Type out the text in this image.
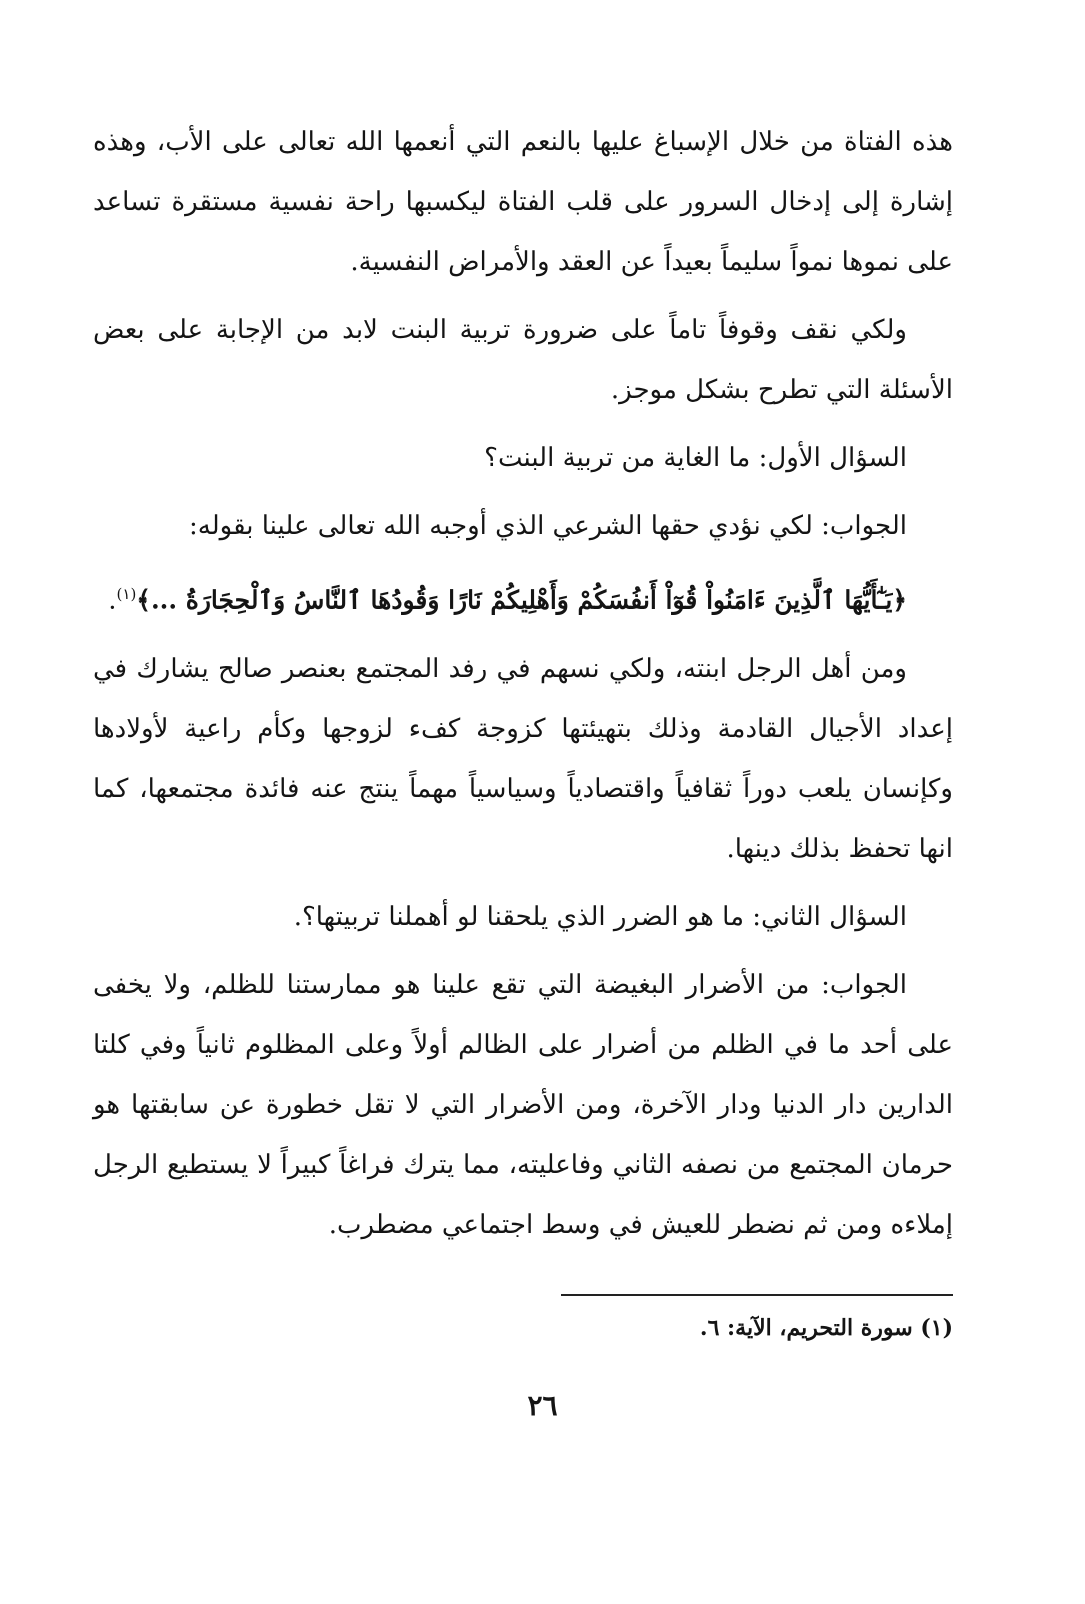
هذه الفتاة من خلال الإسباغ عليها بالنعم التي أنعمها الله تعالى على الأب، وهذه إشارة إلى إدخال السرور على قلب الفتاة ليكسبها راحة نفسية مستقرة تساعد على نموها نمواً سليماً بعيداً عن العقد والأمراض النفسية.

ولكي نقف وقوفاً تاماً على ضرورة تربية البنت لابد من الإجابة على بعض الأسئلة التي تطرح بشكل موجز.

السؤال الأول: ما الغاية من تربية البنت؟

الجواب: لكي نؤدي حقها الشرعي الذي أوجبه الله تعالى علينا بقوله:

﴿يَـٰٓأَيُّهَا ٱلَّذِينَ ءَامَنُواْ قُوٓاْ أَنفُسَكُمْ وَأَهْلِيكُمْ نَارًا وَقُودُهَا ٱلنَّاسُ وَٱلْحِجَارَةُ ...﴾$^{(١)}$.

ومن أهل الرجل ابنته، ولكي نسهم في رفد المجتمع بعنصر صالح يشارك في إعداد الأجيال القادمة وذلك بتهيئتها كزوجة كفء لزوجها وكأم راعية لأولادها وكإنسان يلعب دوراً ثقافياً واقتصادياً وسياسياً مهماً ينتج عنه فائدة مجتمعها، كما انها تحفظ بذلك دينها.

السؤال الثاني: ما هو الضرر الذي يلحقنا لو أهملنا تربيتها؟.

الجواب: من الأضرار البغيضة التي تقع علينا هو ممارستنا للظلم، ولا يخفى على أحد ما في الظلم من أضرار على الظالم أولاً وعلى المظلوم ثانياً وفي كلتا الدارين دار الدنيا ودار الآخرة، ومن الأضرار التي لا تقل خطورة عن سابقتها هو حرمان المجتمع من نصفه الثاني وفاعليته، مما يترك فراغاً كبيراً لا يستطيع الرجل إملاءه ومن ثم نضطر للعيش في وسط اجتماعي مضطرب.

(١) سورة التحريم، الآية: ٦.
٢٦
